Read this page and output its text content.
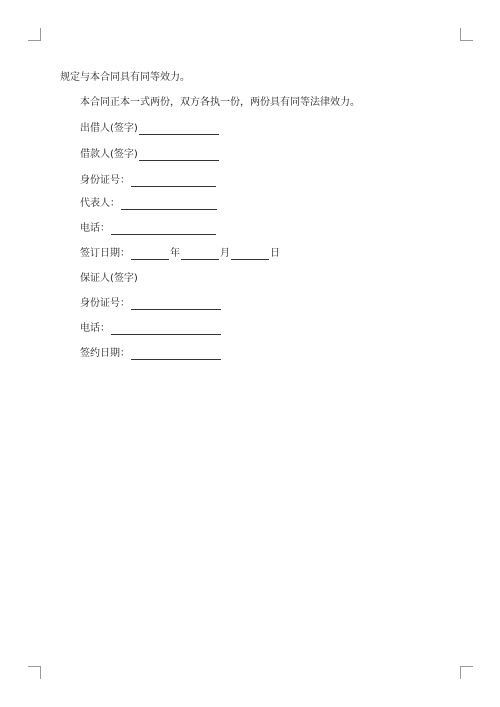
规定与本合同具有同等效力。
本合同正本一式两份，双方各执一份，两份具有同等法律效力。
出借人(签字)
借款人(签字)
身份证号：
代表人：
电话：
签订日期：	年	月	日
保证人(签字)
身份证号：
电话：
签约日期：
